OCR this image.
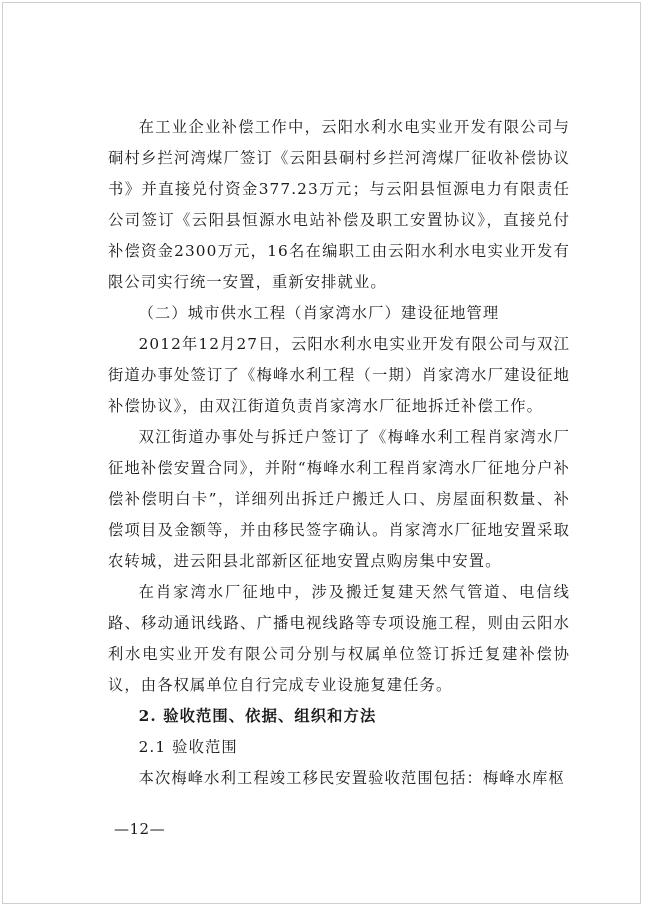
在工业企业补偿工作中，云阳水利水电实业开发有限公司与硐村乡拦河湾煤厂签订《云阳县硐村乡拦河湾煤厂征收补偿协议书》并直接兑付资金377.23万元；与云阳县恒源电力有限责任公司签订《云阳县恒源水电站补偿及职工安置协议》，直接兑付补偿资金2300万元，16名在编职工由云阳水利水电实业开发有限公司实行统一安置，重新安排就业。

（二）城市供水工程（肖家湾水厂）建设征地管理

2012年12月27日，云阳水利水电实业开发有限公司与双江街道办事处签订了《梅峰水利工程（一期）肖家湾水厂建设征地补偿协议》，由双江街道负责肖家湾水厂征地拆迁补偿工作。

双江街道办事处与拆迁户签订了《梅峰水利工程肖家湾水厂征地补偿安置合同》，并附“梅峰水利工程肖家湾水厂征地分户补偿补偿明白卡”，详细列出拆迁户搬迁人口、房屋面积数量、补偿项目及金额等，并由移民签字确认。肖家湾水厂征地安置采取农转城，进云阳县北部新区征地安置点购房集中安置。

在肖家湾水厂征地中，涉及搬迁复建天然气管道、电信线路、移动通讯线路、广播电视线路等专项设施工程，则由云阳水利水电实业开发有限公司分别与权属单位签订拆迁复建补偿协议，由各权属单位自行完成专业设施复建任务。

2. 验收范围、依据、组织和方法

2.1 验收范围

本次梅峰水利工程竣工移民安置验收范围包括：梅峰水库枢

—12—
